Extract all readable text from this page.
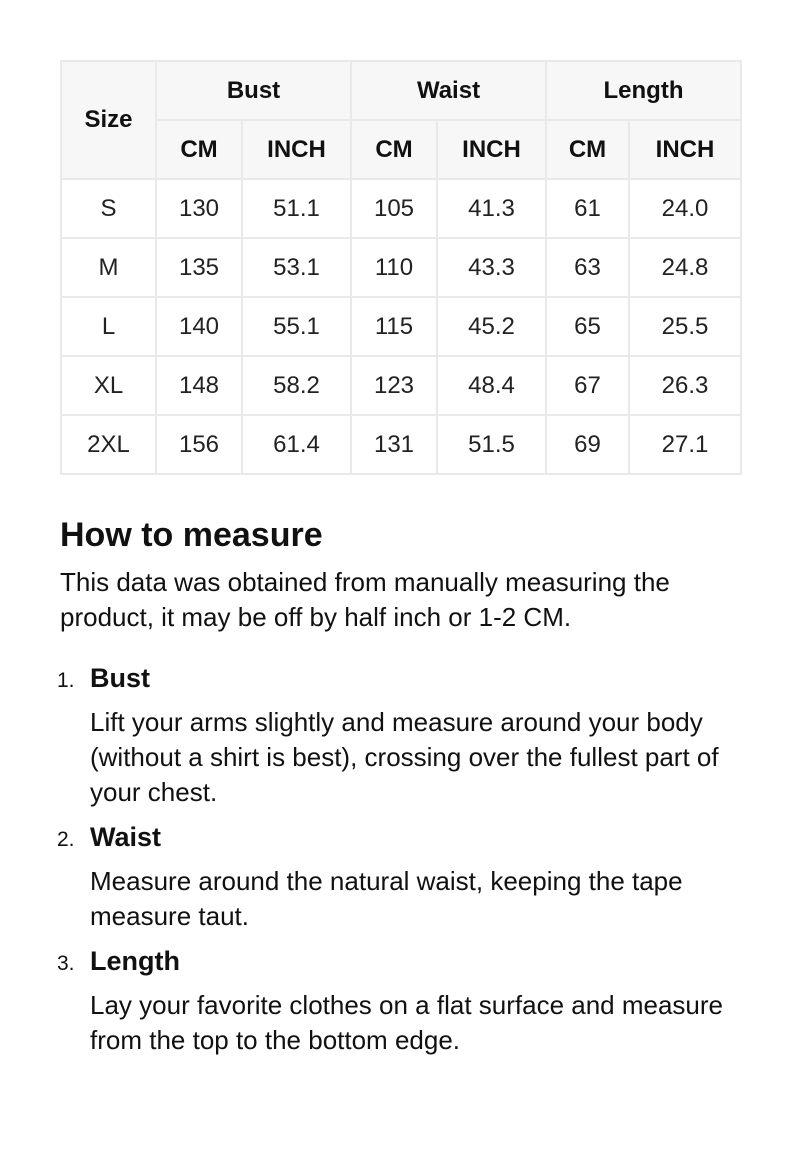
Size	Bust		Waist		Length	
	CM	INCH	CM	INCH	CM	INCH
S	130	51.1	105	41.3	61	24.0
M	135	53.1	110	43.3	63	24.8
L	140	55.1	115	45.2	65	25.5
XL	148	58.2	123	48.4	67	26.3
2XL	156	61.4	131	51.5	69	27.1
How to measure

This data was obtained from manually measuring the product, it may be off by half inch or 1-2 CM.

1. Bust
Lift your arms slightly and measure around your body (without a shirt is best), crossing over the fullest part of your chest.
2. Waist
Measure around the natural waist, keeping the tape measure taut.
3. Length
Lay your favorite clothes on a flat surface and measure from the top to the bottom edge.
